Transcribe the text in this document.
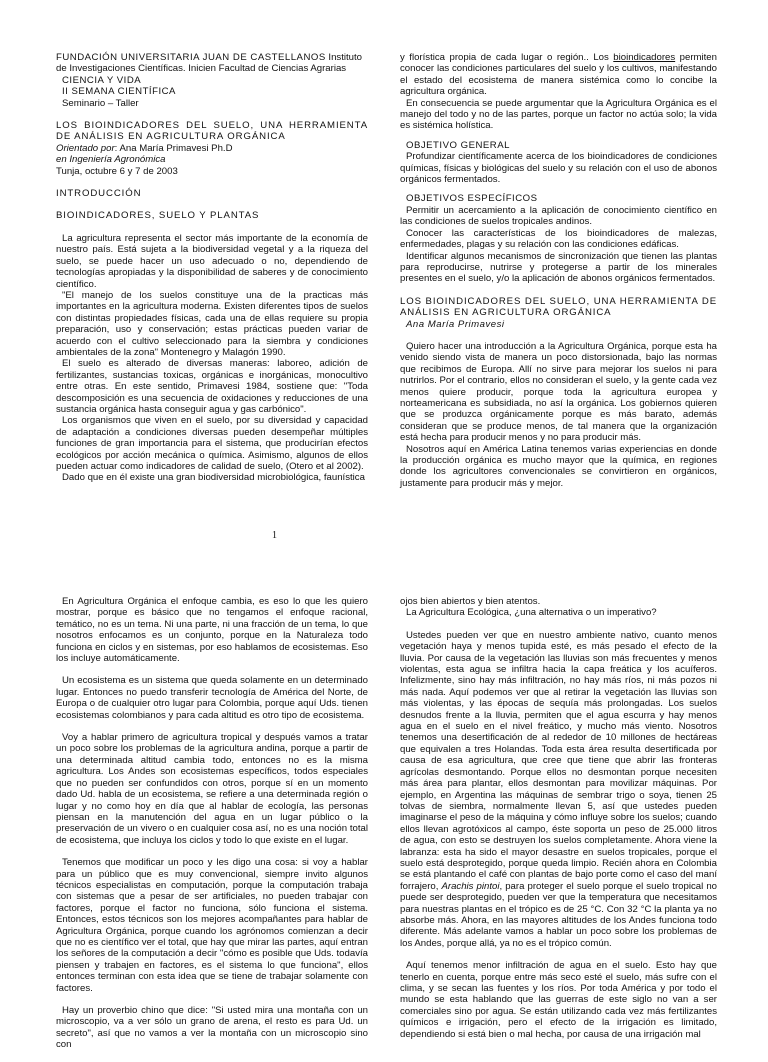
FUNDACIÓN UNIVERSITARIA JUAN DE CASTELLANOS Instituto de Investigaciones Científicas. Inicien Facultad de Ciencias Agrarias

CIENCIA Y VIDA

II SEMANA CIENTÍFICA

Seminario – Taller

LOS BIOINDICADORES DEL SUELO, UNA HERRAMIENTA DE ANÁLISIS EN AGRICULTURA ORGÁNICA

Orientado por: Ana María Primavesi Ph.D

en Ingeniería Agronómica

Tunja, octubre 6 y 7 de 2003

INTRODUCCIÓN

BIOINDICADORES, SUELO Y PLANTAS

La agricultura representa el sector más importante de la economía de nuestro país. Está sujeta a la biodiversidad vegetal y a la riqueza del suelo, se puede hacer un uso adecuado o no, dependiendo de tecnologías apropiadas y la disponibilidad de saberes y de conocimiento científico.

"El manejo de los suelos constituye una de la practicas más importantes en la agricultura moderna. Existen diferentes tipos de suelos con distintas propiedades físicas, cada una de ellas requiere su propia preparación, uso y conservación; estas prácticas pueden variar de acuerdo con el cultivo seleccionado para la siembra y condiciones ambientales de la zona" Montenegro y Malagón 1990.

El suelo es alterado de diversas maneras: laboreo, adición de fertilizantes, sustancias toxicas, orgánicas e inorgánicas, monocultivo entre otras. En este sentido, Primavesi 1984, sostiene que: "Toda descomposición es una secuencia de oxidaciones y reducciones de una sustancia orgánica hasta conseguir agua y gas carbónico".

Los organismos que viven en el suelo, por su diversidad y capacidad de adaptación a condiciones diversas pueden desempeñar múltiples funciones de gran importancia para el sistema, que producirían efectos ecológicos por acción mecánica o química. Asimismo, algunos de ellos pueden actuar como indicadores de calidad de suelo, (Otero et al 2002).

Dado que en él existe una gran biodiversidad microbiológica, faunística

y florística propia de cada lugar o región.. Los bioindicadores permiten conocer las condiciones particulares del suelo y los cultivos, manifestando el estado del ecosistema de manera sistémica como lo concibe la agricultura orgánica.

En consecuencia se puede argumentar que la Agricultura Orgánica es el manejo del todo y no de las partes, porque un factor no actúa solo; la vida es sistémica holística.

OBJETIVO GENERAL

Profundizar científicamente acerca de los bioindicadores de condiciones químicas, físicas y biológicas del suelo y su relación con el uso de abonos orgánicos fermentados.

OBJETIVOS ESPECÍFICOS

Permitir un acercamiento a la aplicación de conocimiento científico en las condiciones de suelos tropicales andinos.

Conocer las características de los bioindicadores de malezas, enfermedades, plagas y su relación con las condiciones edáficas.

Identificar algunos mecanismos de sincronización que tienen las plantas para reproducirse, nutrirse y protegerse a partir de los minerales presentes en el suelo, y/o la aplicación de abonos orgánicos fermentados.

LOS BIOINDICADORES DEL SUELO, UNA HERRAMIENTA DE ANÁLISIS EN AGRICULTURA ORGÁNICA

Ana María Primavesi

Quiero hacer una introducción a la Agricultura Orgánica, porque esta ha venido siendo vista de manera un poco distorsionada, bajo las normas que recibimos de Europa. Allí no sirve para mejorar los suelos ni para nutrirlos. Por el contrario, ellos no consideran el suelo, y la gente cada vez menos quiere producir, porque toda la agricultura europea y norteamericana es subsidiada, no así la orgánica. Los gobiernos quieren que se produzca orgánicamente porque es más barato, además consideran que se produce menos, de tal manera que la organización está hecha para producir menos y no para producir más.

Nosotros aquí en América Latina tenemos varias experiencias en donde la producción orgánica es mucho mayor que la química, en regiones donde los agricultores convencionales se convirtieron en orgánicos, justamente para producir más y mejor.

1

En Agricultura Orgánica el enfoque cambia, es eso lo que les quiero mostrar, porque es básico que no tengamos el enfoque racional, temático, no es un tema. Ni una parte, ni una fracción de un tema, lo que nosotros enfocamos es un conjunto, porque en la Naturaleza todo funciona en ciclos y en sistemas, por eso hablamos de ecosistemas. Eso los incluye automáticamente.

Un ecosistema es un sistema que queda solamente en un determinado lugar. Entonces no puedo transferir tecnología de América del Norte, de Europa o de cualquier otro lugar para Colombia, porque aquí Uds. tienen ecosistemas colombianos y para cada altitud es otro tipo de ecosistema.

Voy a hablar primero de agricultura tropical y después vamos a tratar un poco sobre los problemas de la agricultura andina, porque a partir de una determinada altitud cambia todo, entonces no es la misma agricultura. Los Andes son ecosistemas específicos, todos especiales que no pueden ser confundidos con otros, porque sí en un momento dado Ud. habla de un ecosistema, se refiere a una determinada región o lugar y no como hoy en día que al hablar de ecología, las personas piensan en la manutención del agua en un lugar público o la preservación de un vivero o en cualquier cosa así, no es una noción total de ecosistema, que incluya los ciclos y todo lo que existe en el lugar.

Tenemos que modificar un poco y les digo una cosa: si voy a hablar para un público que es muy convencional, siempre invito algunos técnicos especialistas en computación, porque la computación trabaja con sistemas que a pesar de ser artificiales, no pueden trabajar con factores, porque el factor no funciona, sólo funciona el sistema. Entonces, estos técnicos son los mejores acompañantes para hablar de Agricultura Orgánica, porque cuando los agrónomos comienzan a decir que no es científico ver el total, que hay que mirar las partes, aquí entran los señores de la computación a decir "cómo es posible que Uds. todavía piensen y trabajen en factores, es el sistema lo que funciona", ellos entonces terminan con esta idea que se tiene de trabajar solamente con factores.

Hay un proverbio chino que dice: "Si usted mira una montaña con un microscopio, va a ver sólo un grano de arena, el resto es para Ud. un secreto", así que no vamos a ver la montaña con un microscopio sino con

ojos bien abiertos y bien atentos.
La Agricultura Ecológica, ¿una alternativa o un imperativo?

Ustedes pueden ver que en nuestro ambiente nativo, cuanto menos vegetación haya y menos tupida esté, es más pesado el efecto de la lluvia. Por causa de la vegetación las lluvias son más frecuentes y menos violentas, esta agua se infiltra hacia la capa freática y los acuíferos. Infelizmente, sino hay más infiltración, no hay más ríos, ni más pozos ni más nada. Aquí podemos ver que al retirar la vegetación las lluvias son más violentas, y las épocas de sequía más prolongadas. Los suelos desnudos frente a la lluvia, permiten que el agua escurra y hay menos agua en el suelo en el nivel freático, y mucho más viento. Nosotros tenemos una desertificación de al rededor de 10 millones de hectáreas que equivalen a tres Holandas. Toda esta área resulta desertificada por causa de esa agricultura, que cree que tiene que abrir las fronteras agrícolas desmontando. Porque ellos no desmontan porque necesiten más área para plantar, ellos desmontan para movilizar máquinas. Por ejemplo, en Argentina las máquinas de sembrar trigo o soya, tienen 25 tolvas de siembra, normalmente llevan 5, así que ustedes pueden imaginarse el peso de la máquina y cómo influye sobre los suelos; cuando ellos llevan agrotóxicos al campo, éste soporta un peso de 25.000 litros de agua, con esto se destruyen los suelos completamente. Ahora viene la labranza: esta ha sido el mayor desastre en suelos tropicales, porque el suelo está desprotegido, porque queda limpio. Recién ahora en Colombia se está plantando el café con plantas de bajo porte como el caso del maní forrajero, Arachis pintoi, para proteger el suelo porque el suelo tropical no puede ser desprotegido, pueden ver que la temperatura que necesitamos para nuestras plantas en el trópico es de 25 °C. Con 32 °C la planta ya no absorbe más. Ahora, en las mayores altitudes de los Andes funciona todo diferente. Más adelante vamos a hablar un poco sobre los problemas de los Andes, porque allá, ya no es el trópico común.

Aquí tenemos menor infiltración de agua en el suelo. Esto hay que tenerlo en cuenta, porque entre más seco esté el suelo, más sufre con el clima, y se secan las fuentes y los ríos. Por toda América y por todo el mundo se esta hablando que las guerras de este siglo no van a ser comerciales sino por agua. Se están utilizando cada vez más fertilizantes químicos e irrigación, pero el efecto de la irrigación es limitado, dependiendo si está bien o mal hecha, por causa de una irrigación mal
